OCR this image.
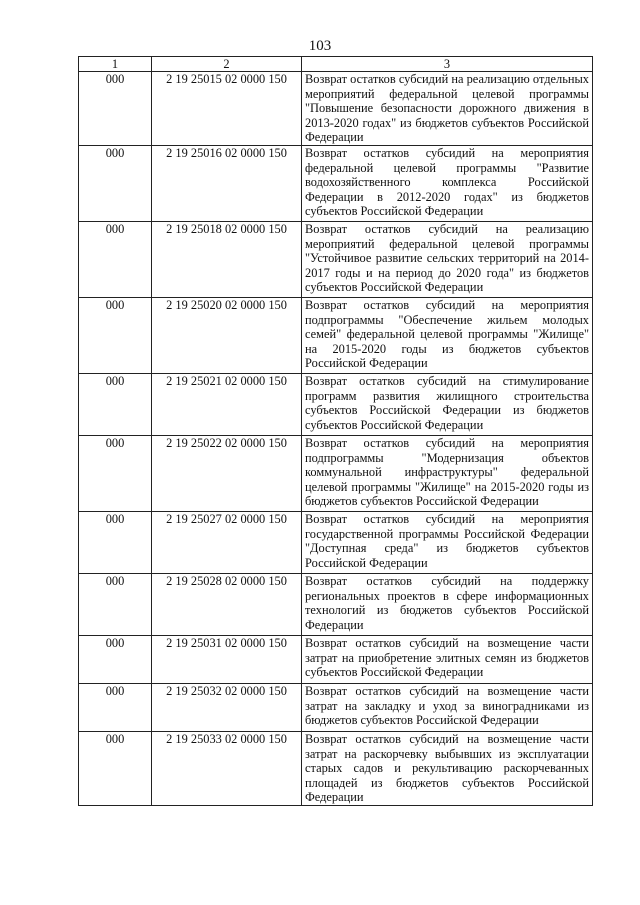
103
1	2	3
000	2 19 25015 02 0000 150	Возврат остатков субсидий на реализацию отдельных мероприятий федеральной целевой программы "Повышение безопасности дорожного движения в 2013-2020 годах" из бюджетов субъектов Российской Федерации
000	2 19 25016 02 0000 150	Возврат остатков субсидий на мероприятия федеральной целевой программы "Развитие водохозяйственного комплекса Российской Федерации в 2012-2020 годах" из бюджетов субъектов Российской Федерации
000	2 19 25018 02 0000 150	Возврат остатков субсидий на реализацию мероприятий федеральной целевой программы "Устойчивое развитие сельских территорий на 2014-2017 годы и на период до 2020 года" из бюджетов субъектов Российской Федерации
000	2 19 25020 02 0000 150	Возврат остатков субсидий на мероприятия подпрограммы "Обеспечение жильем молодых семей" федеральной целевой программы "Жилище" на 2015-2020 годы из бюджетов субъектов Российской Федерации
000	2 19 25021 02 0000 150	Возврат остатков субсидий на стимулирование программ развития жилищного строительства субъектов Российской Федерации из бюджетов субъектов Российской Федерации
000	2 19 25022 02 0000 150	Возврат остатков субсидий на мероприятия подпрограммы "Модернизация объектов коммунальной инфраструктуры" федеральной целевой программы "Жилище" на 2015-2020 годы из бюджетов субъектов Российской Федерации
000	2 19 25027 02 0000 150	Возврат остатков субсидий на мероприятия государственной программы Российской Федерации "Доступная среда" из бюджетов субъектов Российской Федерации
000	2 19 25028 02 0000 150	Возврат остатков субсидий на поддержку региональных проектов в сфере информационных технологий из бюджетов субъектов Российской Федерации
000	2 19 25031 02 0000 150	Возврат остатков субсидий на возмещение части затрат на приобретение элитных семян из бюджетов субъектов Российской Федерации
000	2 19 25032 02 0000 150	Возврат остатков субсидий на возмещение части затрат на закладку и уход за виноградниками из бюджетов субъектов Российской Федерации
000	2 19 25033 02 0000 150	Возврат остатков субсидий на возмещение части затрат на раскорчевку выбывших из эксплуатации старых садов и рекультивацию раскорчеванных площадей из бюджетов субъектов Российской Федерации
